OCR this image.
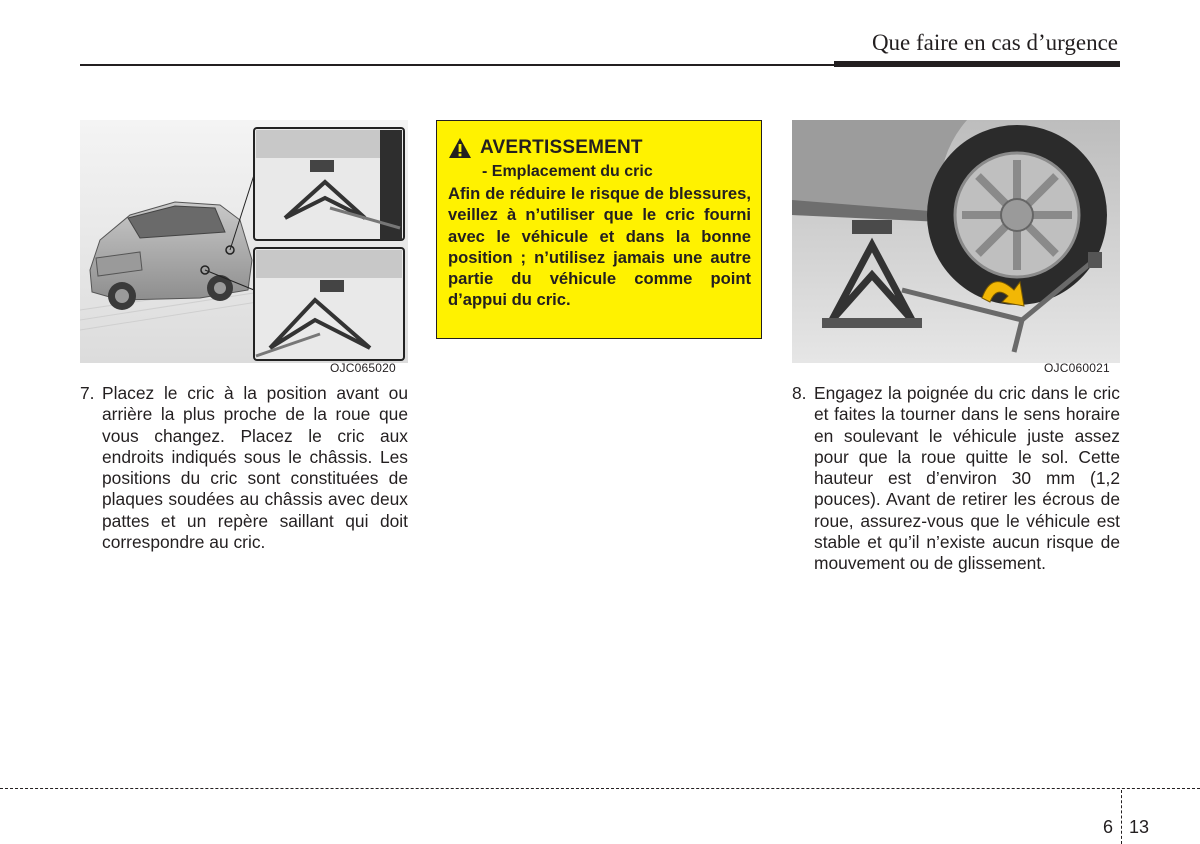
Que faire en cas d’urgence
OJC065020
AVERTISSEMENT
- Emplacement du cric

Afin de réduire le risque de blessures, veillez à n’utiliser que le cric fourni avec le véhicule et dans la bonne position ; n’utilisez jamais une autre partie du véhicule comme point d’appui du cric.

OJC060021
7. Placez le cric à la position avant ou arrière la plus proche de la roue que vous changez. Placez le cric aux endroits indiqués sous le châssis. Les positions du cric sont constituées de plaques soudées au châssis avec deux pattes et un repère saillant qui doit correspondre au cric.
8. Engagez la poignée du cric dans le cric et faites la tourner dans le sens horaire en soulevant le véhicule juste assez pour que la roue quitte le sol. Cette hauteur est d’environ 30 mm (1,2 pouces). Avant de retirer les écrous de roue, assurez-vous que le véhicule est stable et qu’il n’existe aucun risque de mouvement ou de glissement.
6 13
